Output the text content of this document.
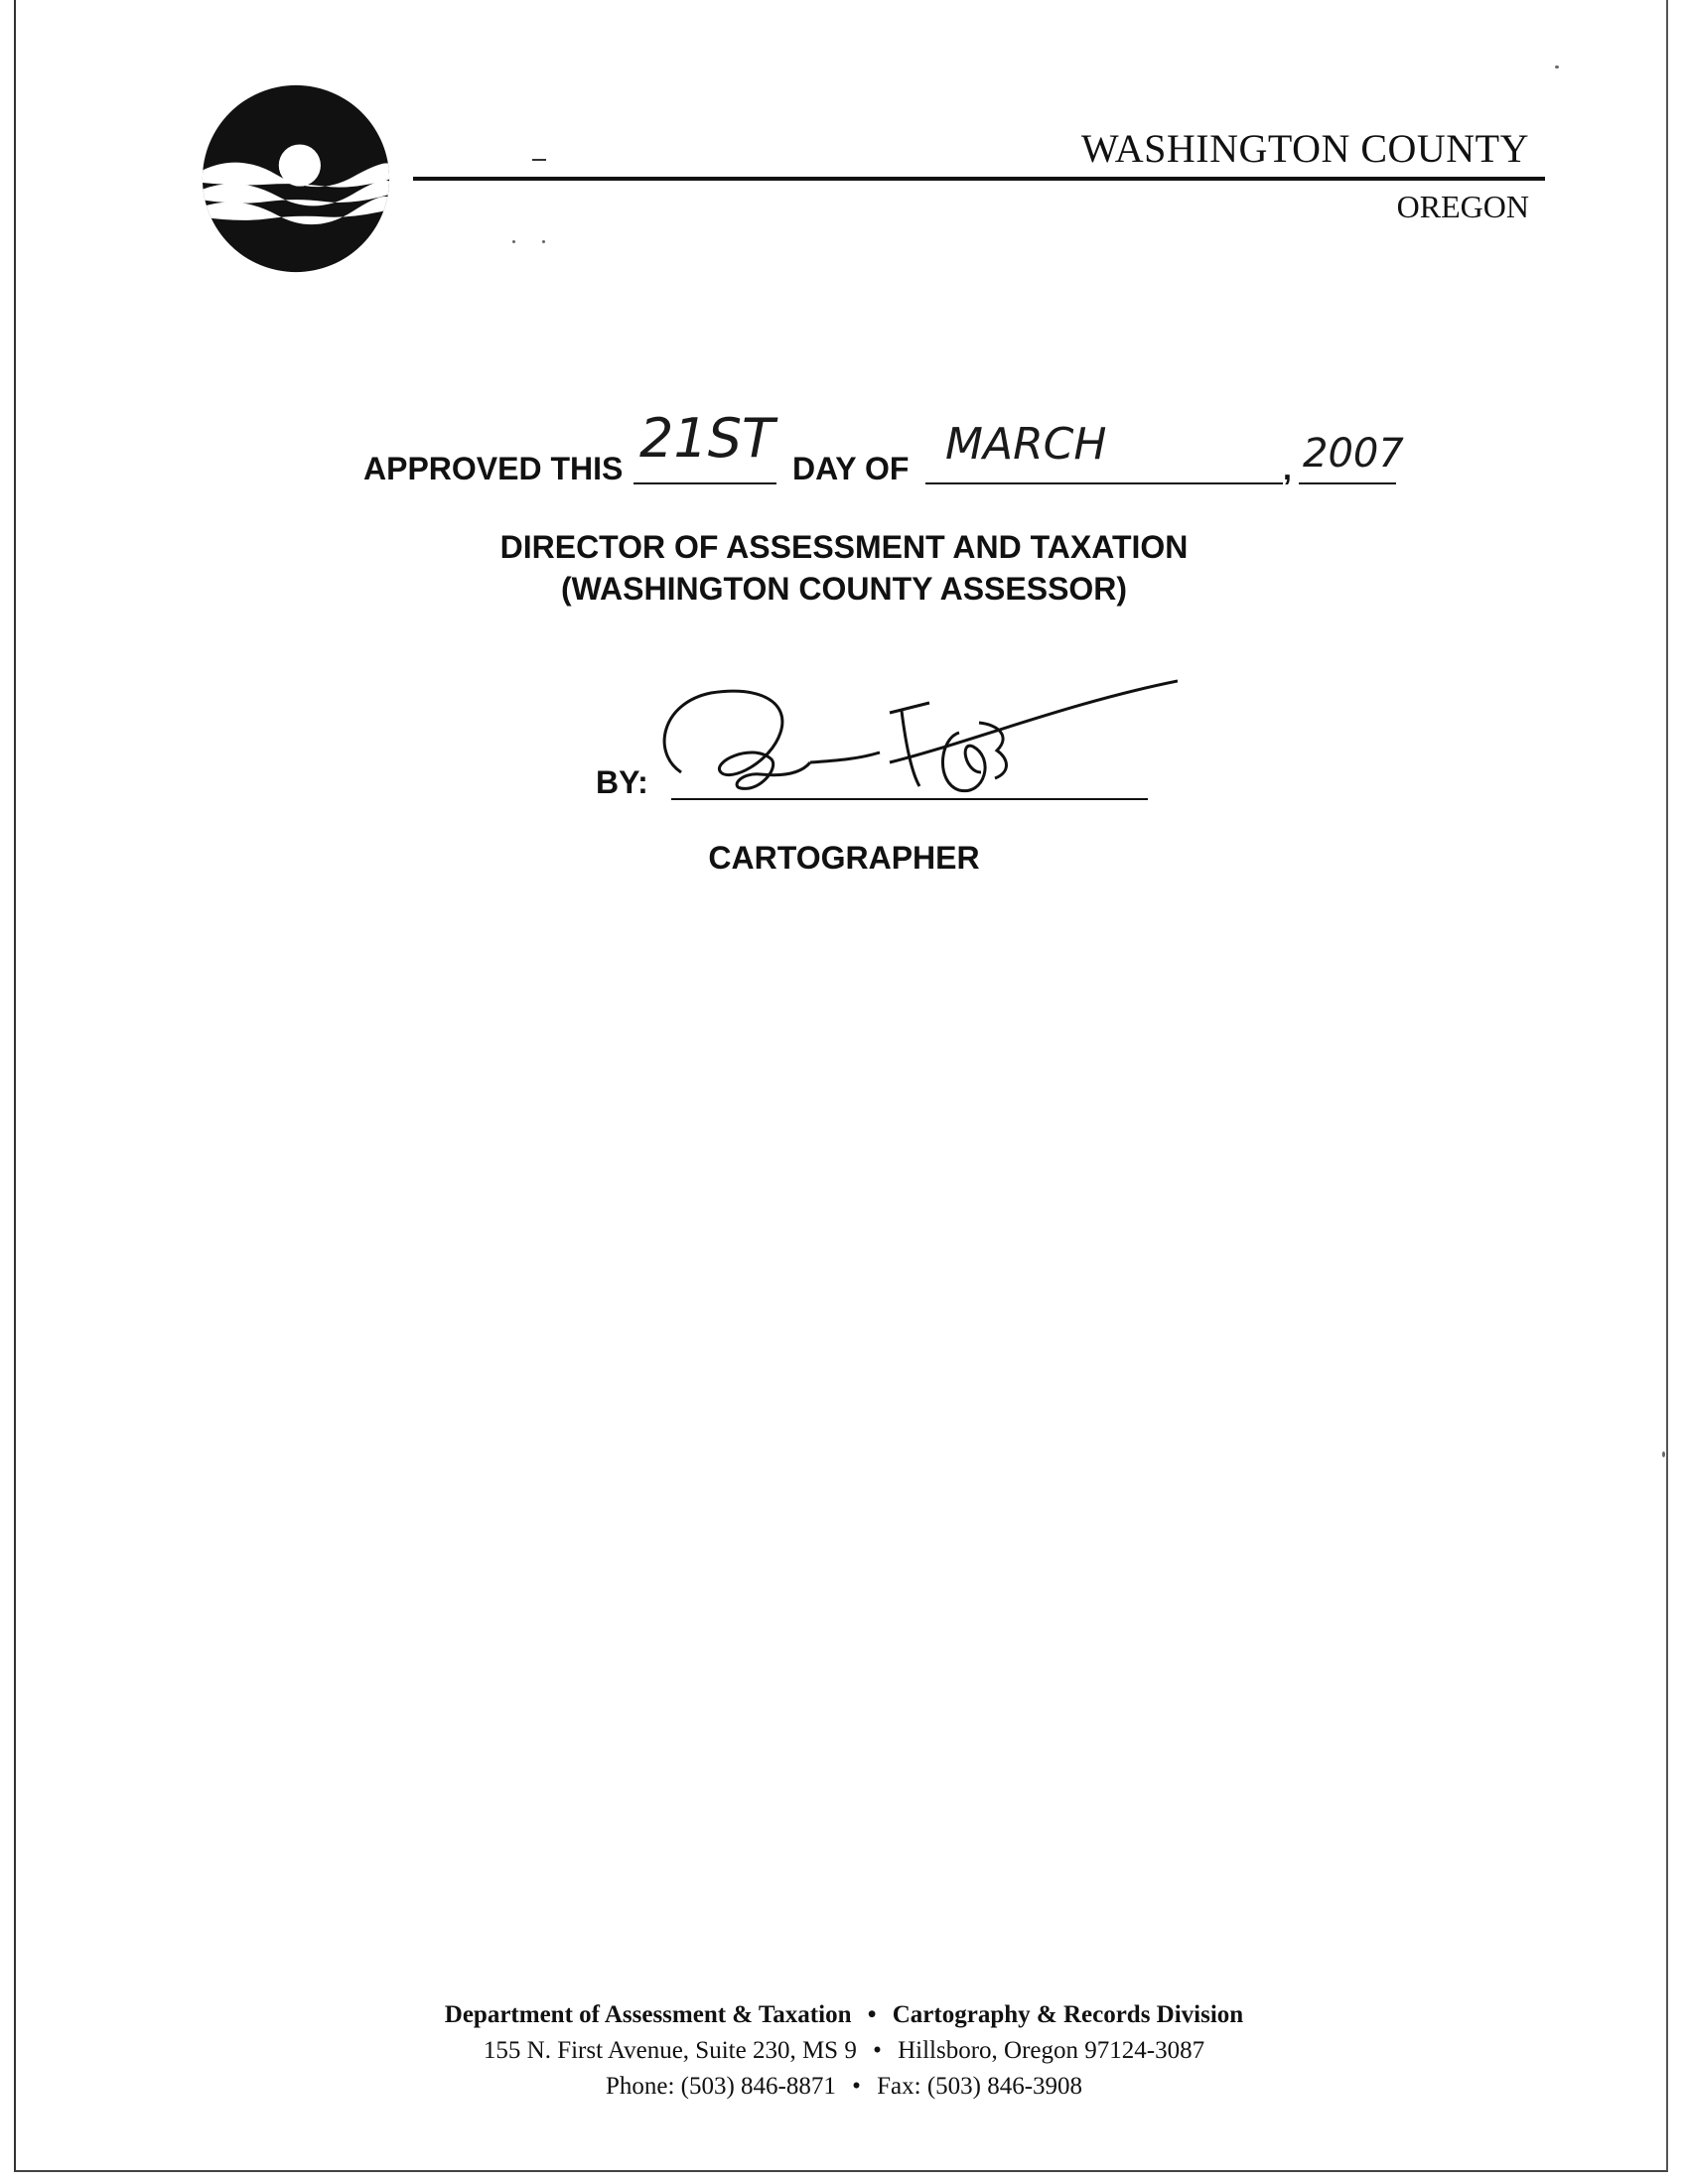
WASHINGTON COUNTY
OREGON
APPROVED THIS 21ST DAY OF MARCH	, 2007
DIRECTOR OF ASSESSMENT AND TAXATION
(WASHINGTON COUNTY ASSESSOR)
BY:
CARTOGRAPHER
Department of Assessment & Taxation • Cartography & Records Division
155 N. First Avenue, Suite 230, MS 9 • Hillsboro, Oregon 97124-3087
Phone: (503) 846-8871 • Fax: (503) 846-3908
